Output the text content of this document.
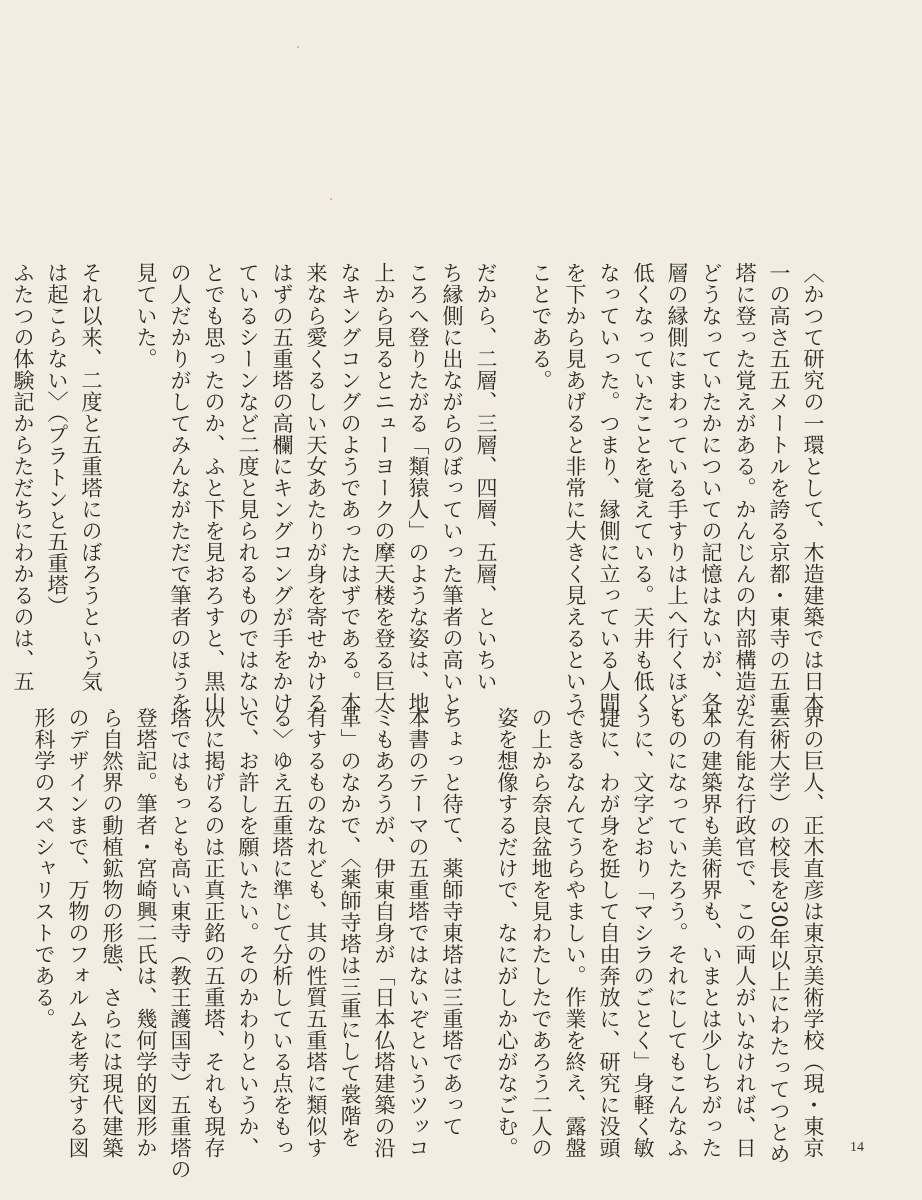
〈かつて研究の一環として、木造建築では日本
一の高さ五五メートルを誇る京都・東寺の五重
塔に登った覚えがある。かんじんの内部構造が
どうなっていたかについての記憶はないが、各
層の縁側にまわっている手すりは上へ行くほど
低くなっていたことを覚えている。天井も低く
なっていった。つまり、縁側に立っている人間
を下から見あげると非常に大きく見えるという
ことである。
だから、二層、三層、四層、五層、といちい
ち縁側に出ながらのぼっていった筆者の高いと
ころへ登りたがる「類猿人」のような姿は、地
上から見るとニューヨークの摩天楼を登る巨大
なキングコングのようであったはずである。本
来なら愛くるしい天女あたりが身を寄せかける
はずの五重塔の高欄にキングコングが手をかけ
ているシーンなど二度と見られるものではない、
とでも思ったのか、ふと下を見おろすと、黒山
の人だかりがしてみんながただで筆者のほうを
見ていた。
それ以来、二度と五重塔にのぼろうという気
は起こらない〉（プラトンと五重塔）
ふたつの体験記からただちにわかるのは、五
界の巨人、正木直彦は東京美術学校（現・東京
芸術大学）の校長を30年以上にわたってつとめ
た有能な行政官で、この両人がいなければ、日
本の建築界も美術界も、いまとは少しちがった
ものになっていたろう。それにしてもこんなふ
うに、文字どおり「マシラのごとく」身軽く敏
捷に、わが身を挺して自由奔放に、研究に没頭
できるなんてうらやましい。作業を終え、露盤
の上から奈良盆地を見わたしたであろう二人の
姿を想像するだけで、なにがしか心がなごむ。
ちょっと待て、薬師寺東塔は三重塔であって
本書のテーマの五重塔ではないぞというツッコ
ミもあろうが、伊東自身が「日本仏塔建築の沿
革」のなかで、〈薬師寺塔は三重にして裳階を
有するものなれども、其の性質五重塔に類似す
る〉ゆえ五重塔に準じて分析している点をもっ
て、お許しを願いたい。そのかわりというか、
次に掲げるのは正真正銘の五重塔、それも現存
塔ではもっとも高い東寺（教王護国寺）五重塔の
登塔記。筆者・宮崎興二氏は、幾何学的図形か
ら自然界の動植鉱物の形態、さらには現代建築
のデザインまで、万物のフォルムを考究する図
形科学のスペシャリストである。
14
